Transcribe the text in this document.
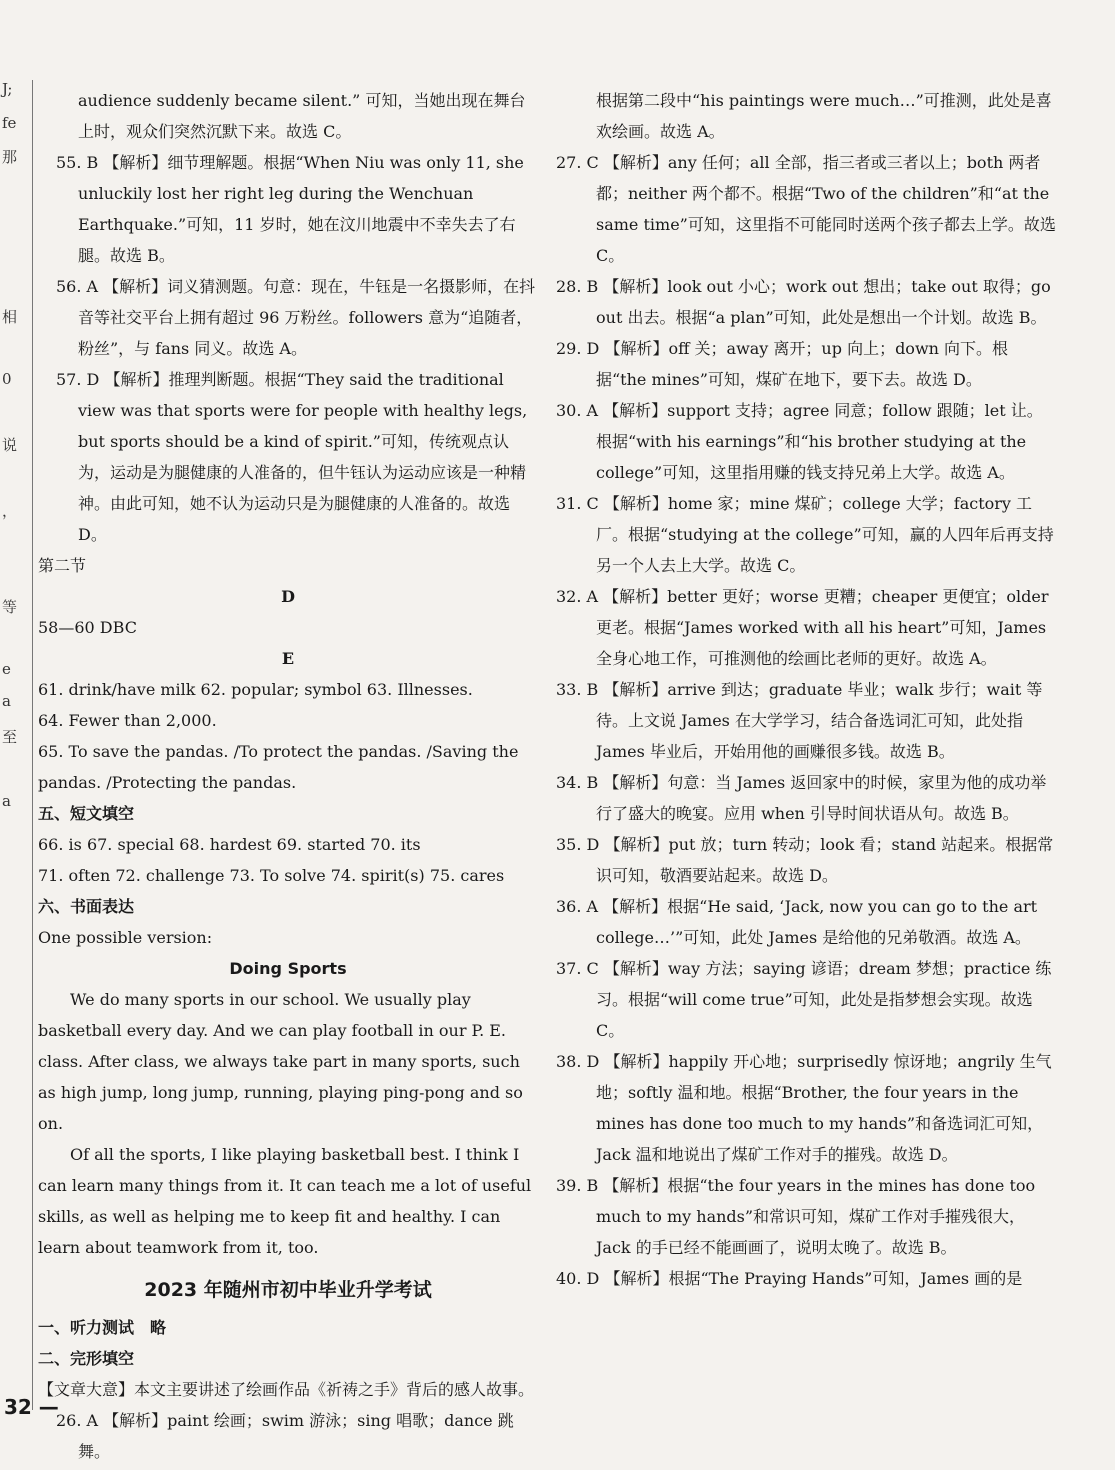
J;
fe
那
相
0
说
，
等
e
a
至
a
audience suddenly became silent.” 可知，当她出现在舞台上时，观众们突然沉默下来。故选 C。
55. B 【解析】细节理解题。根据“When Niu was only 11, she unluckily lost her right leg during the Wenchuan Earthquake.”可知，11 岁时，她在汶川地震中不幸失去了右腿。故选 B。
56. A 【解析】词义猜测题。句意：现在，牛钰是一名摄影师，在抖音等社交平台上拥有超过 96 万粉丝。followers 意为“追随者，粉丝”，与 fans 同义。故选 A。
57. D 【解析】推理判断题。根据“They said the traditional view was that sports were for people with healthy legs, but sports should be a kind of spirit.”可知，传统观点认为，运动是为腿健康的人准备的，但牛钰认为运动应该是一种精神。由此可知，她不认为运动只是为腿健康的人准备的。故选 D。
第二节
D
58—60 DBC
E
61. drink/have milk 62. popular; symbol 63. Illnesses.
64. Fewer than 2,000.
65. To save the pandas. /To protect the pandas. /Saving the pandas. /Protecting the pandas.
五、短文填空
66. is 67. special 68. hardest 69. started 70. its
71. often 72. challenge 73. To solve 74. spirit(s) 75. cares
六、书面表达
One possible version:
Doing Sports
We do many sports in our school. We usually play basketball every day. And we can play football in our P. E. class. After class, we always take part in many sports, such as high jump, long jump, running, playing ping-pong and so on.
Of all the sports, I like playing basketball best. I think I can learn many things from it. It can teach me a lot of useful skills, as well as helping me to keep fit and healthy. I can learn about teamwork from it, too.
2023 年随州市初中毕业升学考试
一、听力测试　略
二、完形填空
【文章大意】本文主要讲述了绘画作品《祈祷之手》背后的感人故事。
26. A 【解析】paint 绘画；swim 游泳；sing 唱歌；dance 跳舞。
根据第二段中“his paintings were much…”可推测，此处是喜欢绘画。故选 A。
27. C 【解析】any 任何；all 全部，指三者或三者以上；both 两者都；neither 两个都不。根据“Two of the children”和“at the same time”可知，这里指不可能同时送两个孩子都去上学。故选 C。
28. B 【解析】look out 小心；work out 想出；take out 取得；go out 出去。根据“a plan”可知，此处是想出一个计划。故选 B。
29. D 【解析】off 关；away 离开；up 向上；down 向下。根据“the mines”可知，煤矿在地下，要下去。故选 D。
30. A 【解析】support 支持；agree 同意；follow 跟随；let 让。根据“with his earnings”和“his brother studying at the college”可知，这里指用赚的钱支持兄弟上大学。故选 A。
31. C 【解析】home 家；mine 煤矿；college 大学；factory 工厂。根据“studying at the college”可知，赢的人四年后再支持另一个人去上大学。故选 C。
32. A 【解析】better 更好；worse 更糟；cheaper 更便宜；older 更老。根据“James worked with all his heart”可知，James 全身心地工作，可推测他的绘画比老师的更好。故选 A。
33. B 【解析】arrive 到达；graduate 毕业；walk 步行；wait 等待。上文说 James 在大学学习，结合备选词汇可知，此处指 James 毕业后，开始用他的画赚很多钱。故选 B。
34. B 【解析】句意：当 James 返回家中的时候，家里为他的成功举行了盛大的晚宴。应用 when 引导时间状语从句。故选 B。
35. D 【解析】put 放；turn 转动；look 看；stand 站起来。根据常识可知，敬酒要站起来。故选 D。
36. A 【解析】根据“He said, ‘Jack, now you can go to the art college…’”可知，此处 James 是给他的兄弟敬酒。故选 A。
37. C 【解析】way 方法；saying 谚语；dream 梦想；practice 练习。根据“will come true”可知，此处是指梦想会实现。故选 C。
38. D 【解析】happily 开心地；surprisedly 惊讶地；angrily 生气地；softly 温和地。根据“Brother, the four years in the mines has done too much to my hands”和备选词汇可知，Jack 温和地说出了煤矿工作对手的摧残。故选 D。
39. B 【解析】根据“the four years in the mines has done too much to my hands”和常识可知，煤矿工作对手摧残很大，Jack 的手已经不能画画了，说明太晚了。故选 B。
40. D 【解析】根据“The Praying Hands”可知，James 画的是
32 —
